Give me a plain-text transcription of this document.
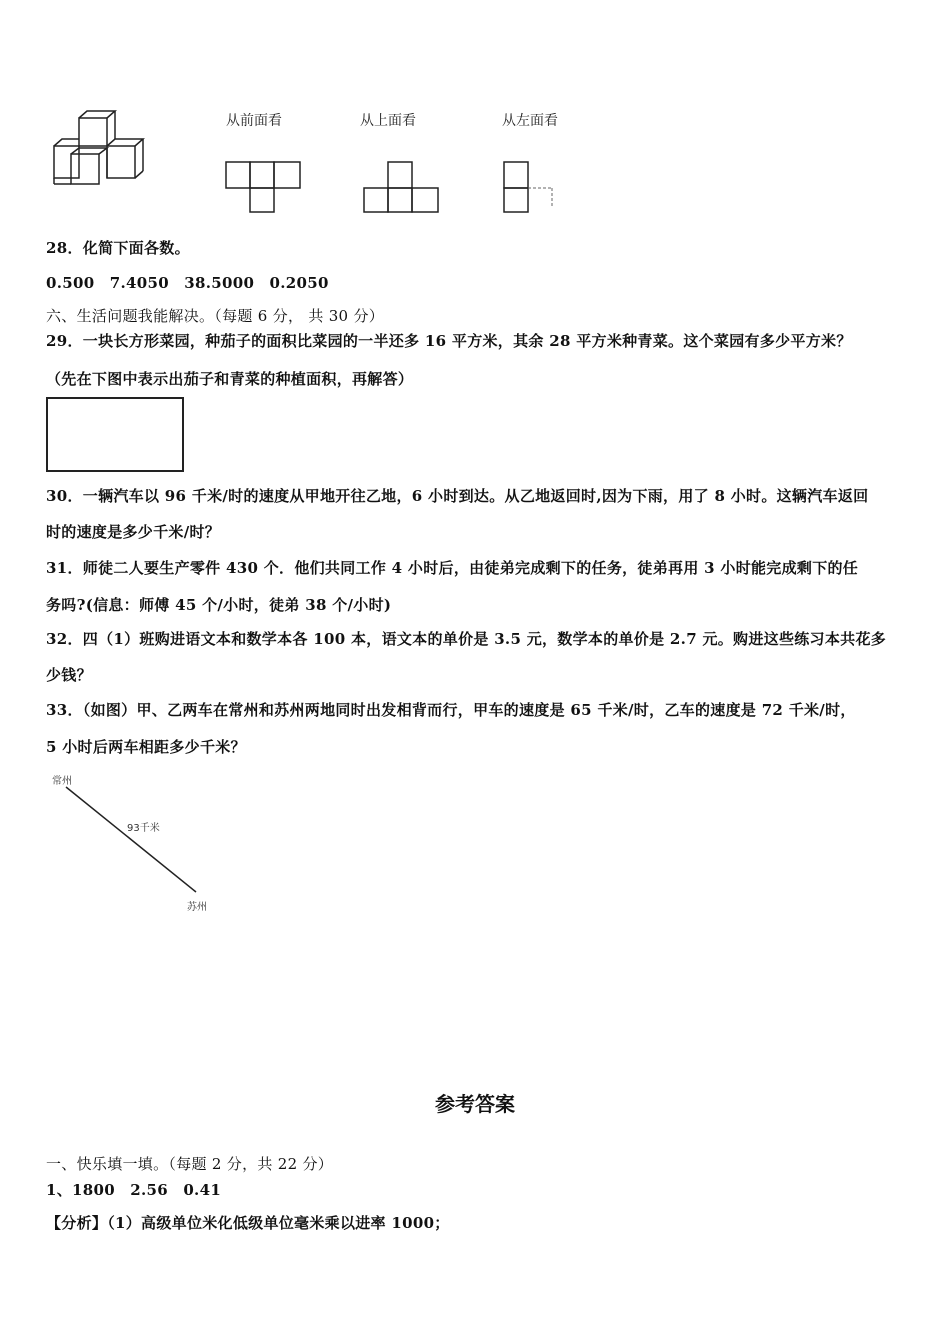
从前面看	从上面看	从左面看
28．化简下面各数。
0.500　7.4050　38.5000　0.2050
六、生活问题我能解决。（每题 6 分， 共 30 分）
29．一块长方形菜园，种茄子的面积比菜园的一半还多 16 平方米，其余 28 平方米种青菜。这个菜园有多少平方米？
（先在下图中表示出茄子和青菜的种植面积，再解答）
30．一辆汽车以 96 千米/时的速度从甲地开往乙地，6 小时到达。从乙地返回时,因为下雨，用了 8 小时。这辆汽车返回
时的速度是多少千米/时？
31．师徒二人要生产零件 430 个．他们共同工作 4 小时后，由徒弟完成剩下的任务，徒弟再用 3 小时能完成剩下的任
务吗?(信息：师傅 45 个/小时，徒弟 38 个/小时)
32．四（1）班购进语文本和数学本各 100 本，语文本的单价是 3.5 元，数学本的单价是 2.7 元。购进这些练习本共花多
少钱？
33．（如图）甲、乙两车在常州和苏州两地同时出发相背而行，甲车的速度是 65 千米/时，乙车的速度是 72 千米/时，
5 小时后两车相距多少千米？
常州
93千米
苏州
参考答案
一、快乐填一填。（每题 2 分，共 22 分）
1、1800　2.56　0.41
【分析】（1）高级单位米化低级单位毫米乘以进率 1000；
